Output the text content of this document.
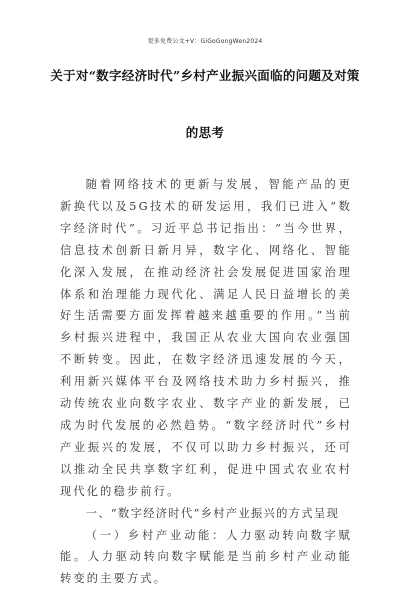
更多免费公文+V：GiGoGongWen2024
关于对“数字经济时代”乡村产业振兴面临的问题及对策
的思考

随着网络技术的更新与发展，智能产品的更新换代以及5G技术的研发运用，我们已进入“数字经济时代”。习近平总书记指出：“当今世界，信息技术创新日新月异，数字化、网络化、智能化深入发展，在推动经济社会发展促进国家治理体系和治理能力现代化、满足人民日益增长的美好生活需要方面发挥着越来越重要的作用。”当前乡村振兴进程中，我国正从农业大国向农业强国不断转变。因此，在数字经济迅速发展的今天，利用新兴媒体平台及网络技术助力乡村振兴，推动传统农业向数字农业、数字产业的新发展，已成为时代发展的必然趋势。“数字经济时代”乡村产业振兴的发展，不仅可以助力乡村振兴，还可以推动全民共享数字红利，促进中国式农业农村现代化的稳步前行。

一、“数字经济时代”乡村产业振兴的方式呈现

（一）乡村产业动能：人力驱动转向数字赋能。人力驱动转向数字赋能是当前乡村产业动能转变的主要方式。
